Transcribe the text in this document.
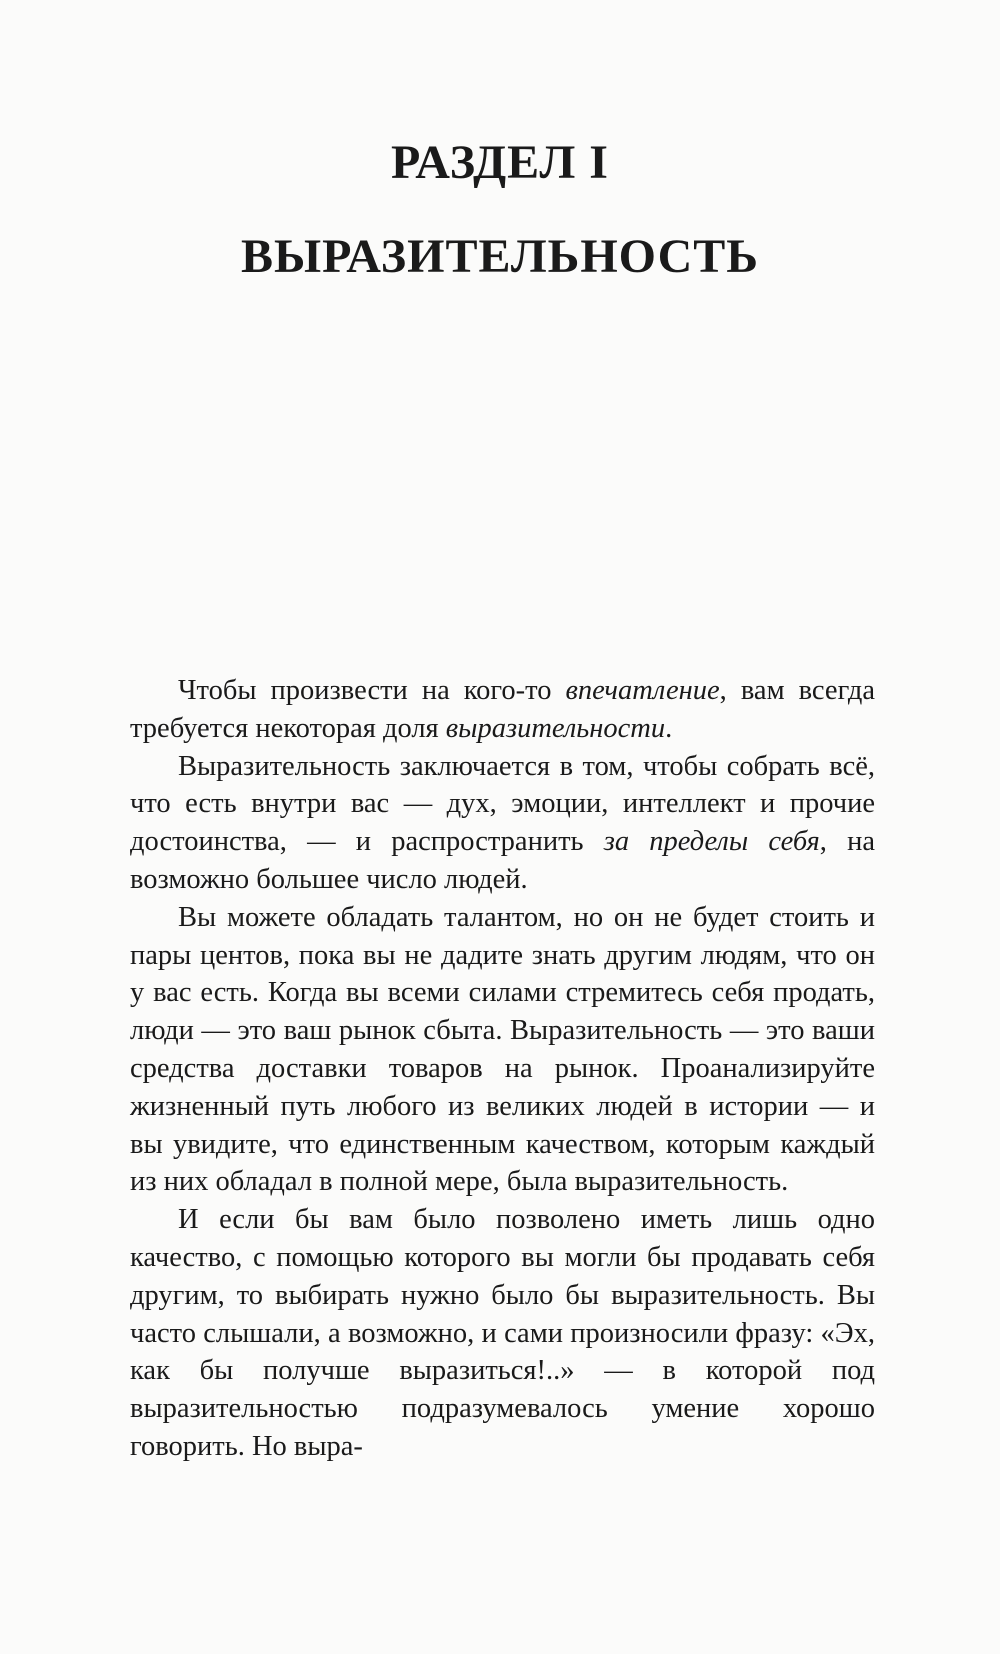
РАЗДЕЛ I
ВЫРАЗИТЕЛЬНОСТЬ

Чтобы произвести на кого-то впечатление, вам всегда требуется некоторая доля выразительности.

Выразительность заключается в том, чтобы собрать всё, что есть внутри вас — дух, эмоции, интеллект и прочие достоинства, — и распространить за пределы себя, на возможно большее число людей.

Вы можете обладать талантом, но он не будет стоить и пары центов, пока вы не дадите знать другим людям, что он у вас есть. Когда вы всеми силами стремитесь себя продать, люди — это ваш рынок сбыта. Выразительность — это ваши средства доставки товаров на рынок. Проанализируйте жизненный путь любого из великих людей в истории — и вы увидите, что единственным качеством, которым каждый из них обладал в полной мере, была выразительность.

И если бы вам было позволено иметь лишь одно качество, с помощью которого вы могли бы продавать себя другим, то выбирать нужно было бы выразительность. Вы часто слышали, а возможно, и сами произносили фразу: «Эх, как бы получше выразиться!..» — в которой под выразительностью подразумевалось умение хорошо говорить. Но выра-
